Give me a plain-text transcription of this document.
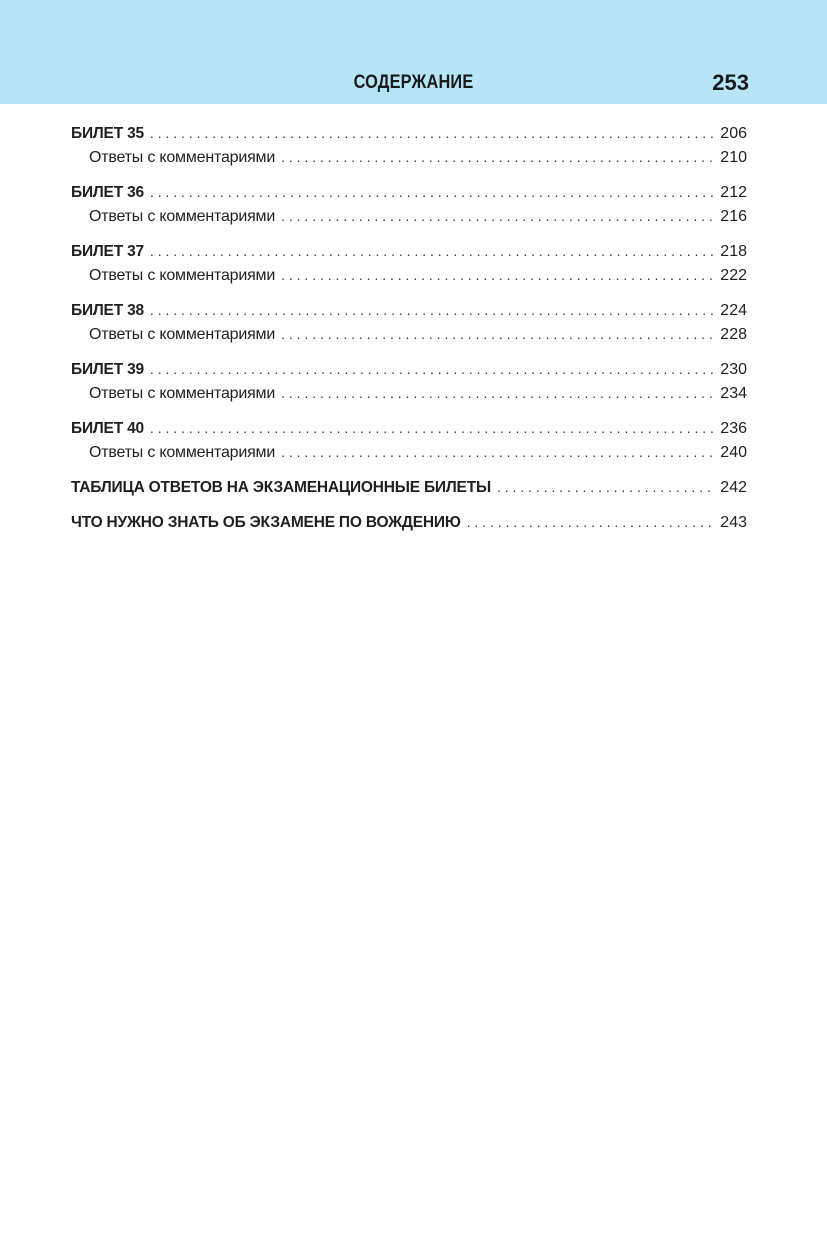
СОДЕРЖАНИЕ	253
БИЛЕТ 35 . . .	206
Ответы с комментариями . . .	210
БИЛЕТ 36 . . .	212
Ответы с комментариями . . .	216
БИЛЕТ 37 . . .	218
Ответы с комментариями . . .	222
БИЛЕТ 38 . . .	224
Ответы с комментариями . . .	228
БИЛЕТ 39 . . .	230
Ответы с комментариями . . .	234
БИЛЕТ 40 . . .	236
Ответы с комментариями . . .	240
ТАБЛИЦА ОТВЕТОВ НА ЭКЗАМЕНАЦИОННЫЕ БИЛЕТЫ . . .	242
ЧТО НУЖНО ЗНАТЬ ОБ ЭКЗАМЕНЕ ПО ВОЖДЕНИЮ . . .	243
